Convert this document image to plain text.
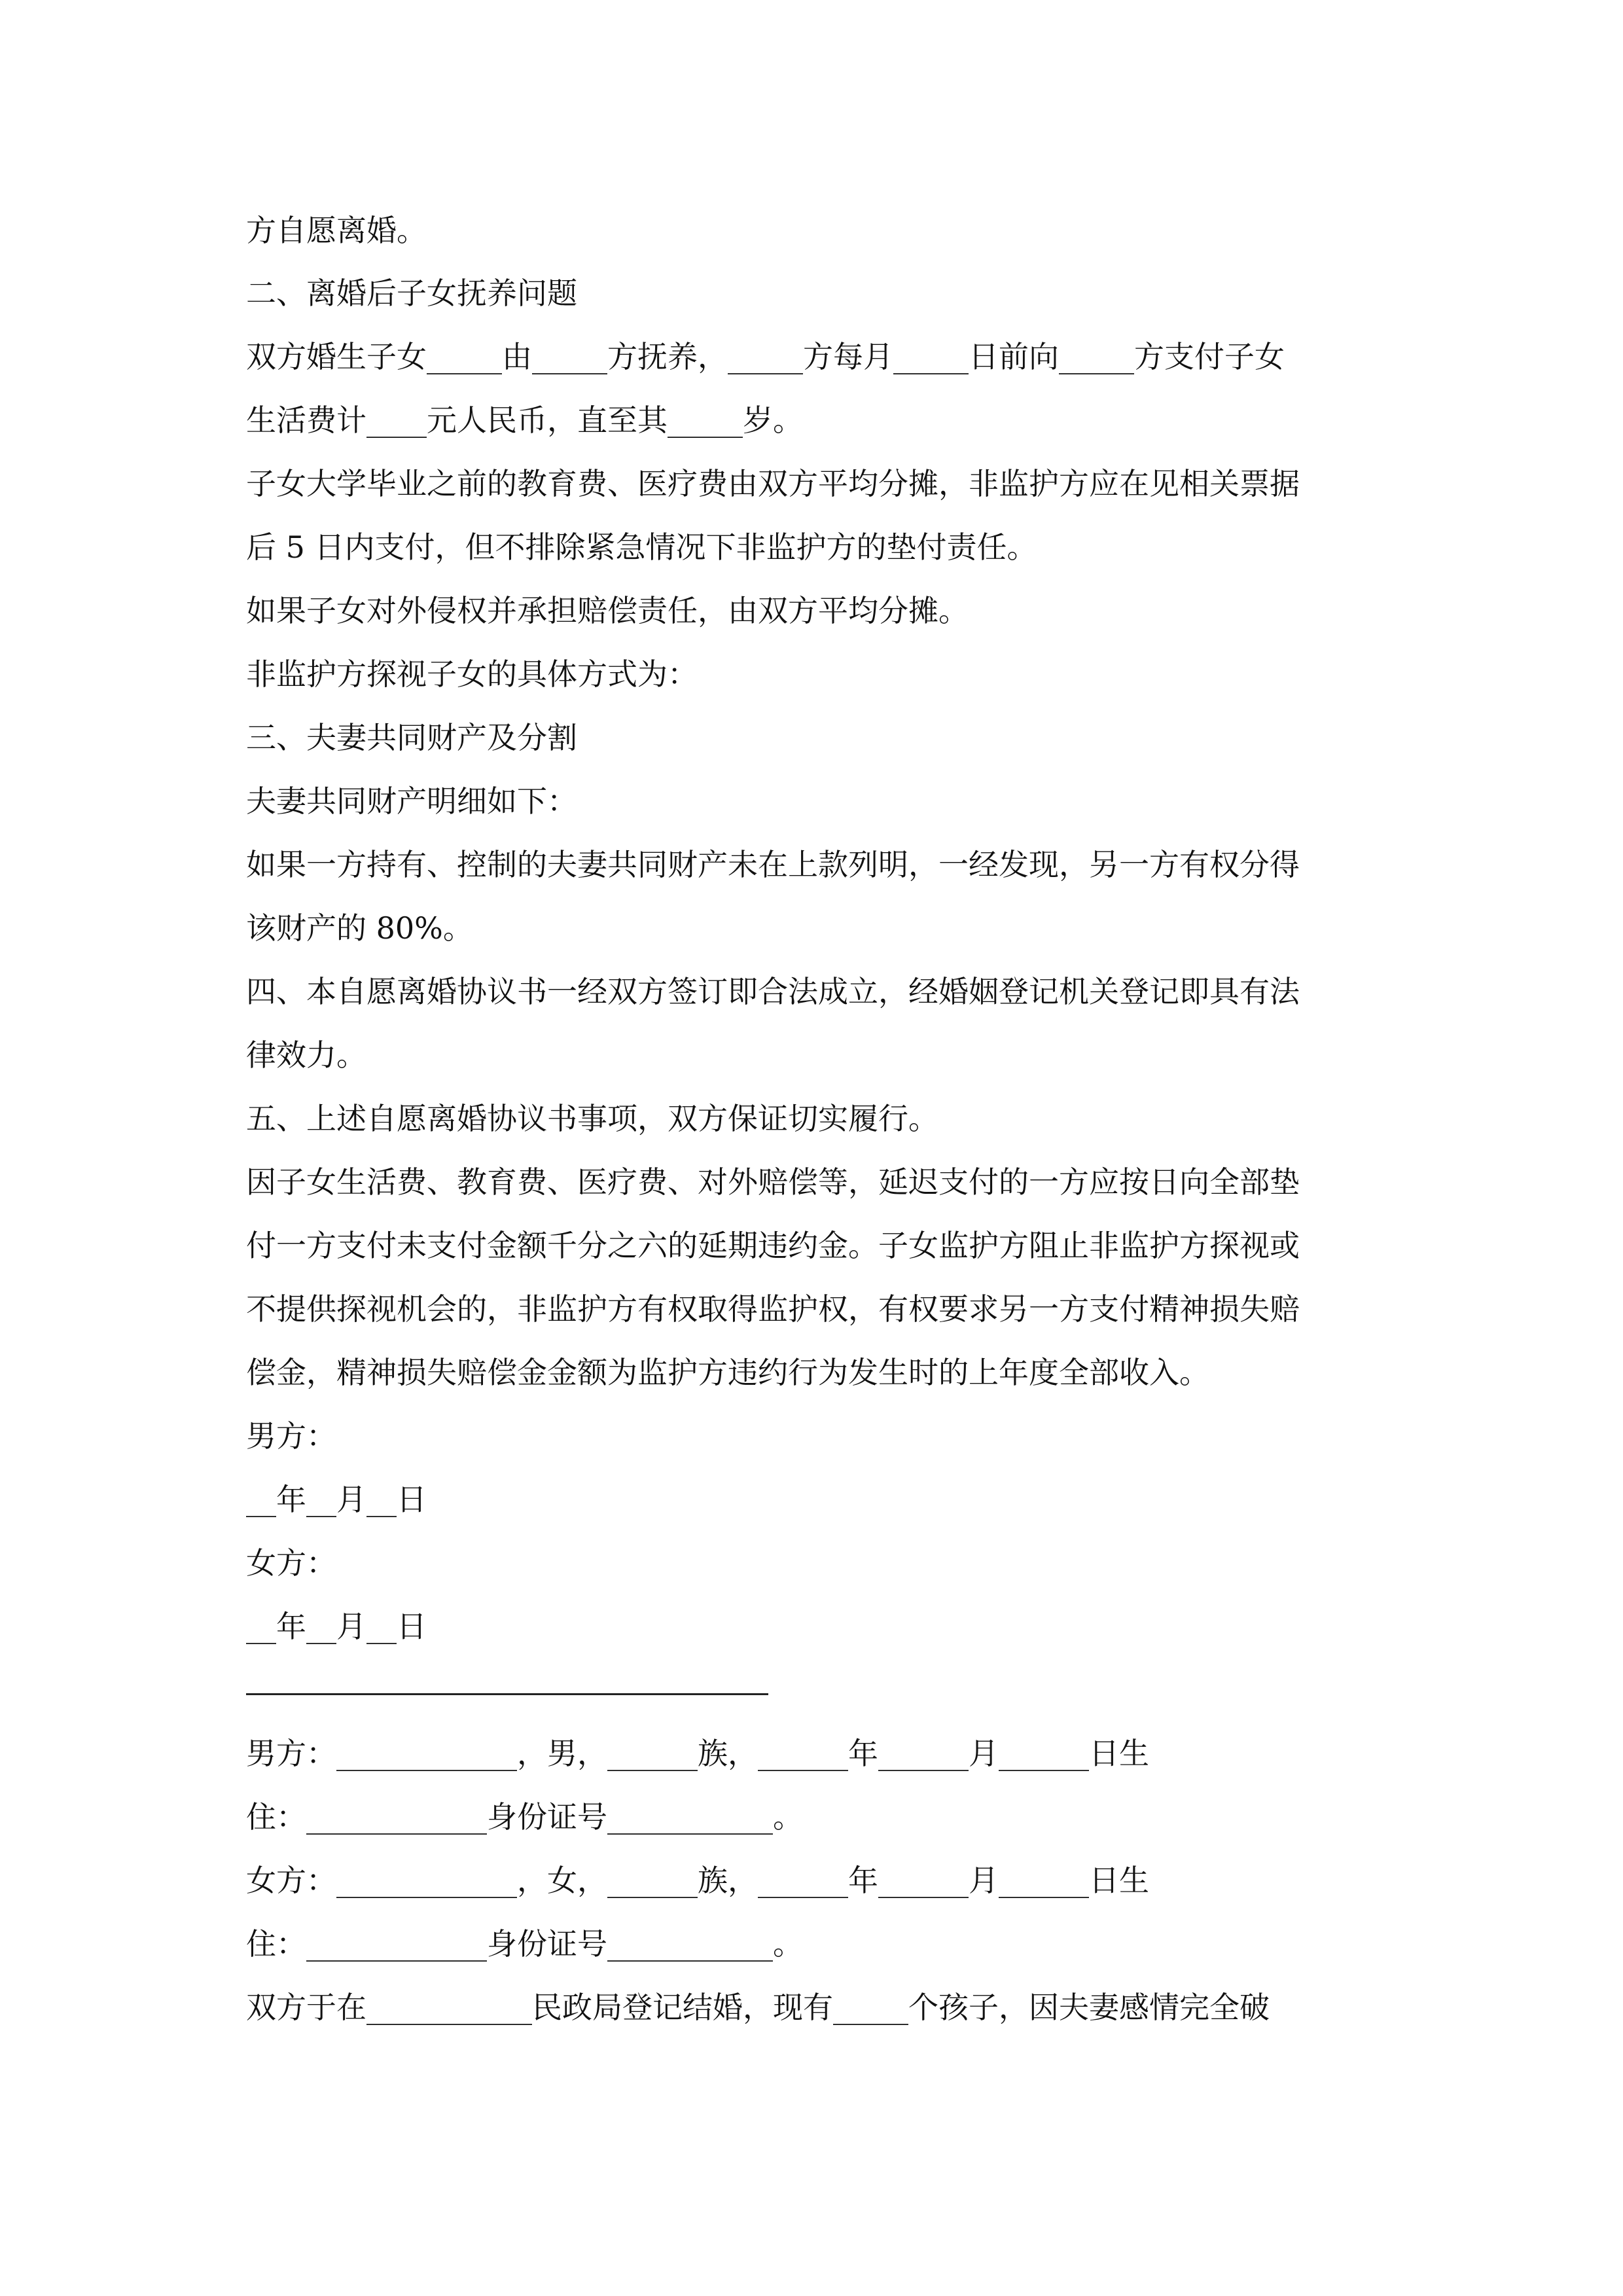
方自愿离婚。
二、离婚后子女抚养问题
双方婚生子女_____由_____方抚养，_____方每月_____日前向_____方支付子女
生活费计____元人民币，直至其_____岁。
子女大学毕业之前的教育费、医疗费由双方平均分摊，非监护方应在见相关票据
后 5 日内支付，但不排除紧急情况下非监护方的垫付责任。
如果子女对外侵权并承担赔偿责任，由双方平均分摊。
非监护方探视子女的具体方式为：
三、夫妻共同财产及分割
夫妻共同财产明细如下：
如果一方持有、控制的夫妻共同财产未在上款列明，一经发现，另一方有权分得
该财产的 80%。
四、本自愿离婚协议书一经双方签订即合法成立，经婚姻登记机关登记即具有法
律效力。
五、上述自愿离婚协议书事项，双方保证切实履行。
因子女生活费、教育费、医疗费、对外赔偿等，延迟支付的一方应按日向全部垫
付一方支付未支付金额千分之六的延期违约金。子女监护方阻止非监护方探视或
不提供探视机会的，非监护方有权取得监护权，有权要求另一方支付精神损失赔
偿金，精神损失赔偿金金额为监护方违约行为发生时的上年度全部收入。
男方：
__年__月__日
女方：
__年__月__日
男方：____________，男，______族，______年______月______日生
住：____________身份证号___________。
女方：____________，女，______族，______年______月______日生
住：____________身份证号___________。
双方于在___________民政局登记结婚，现有_____个孩子，因夫妻感情完全破
